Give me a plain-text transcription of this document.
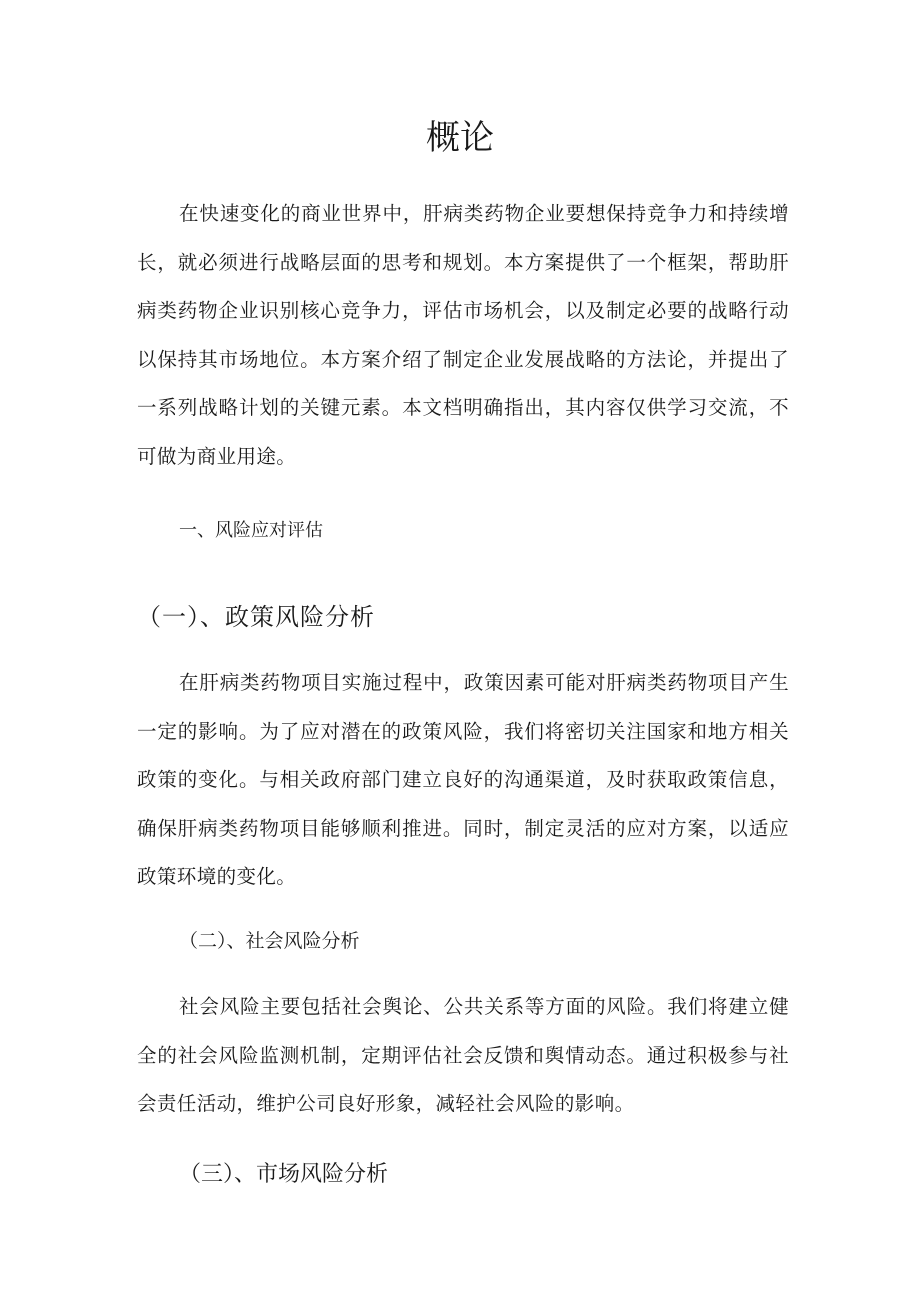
概论

在快速变化的商业世界中，肝病类药物企业要想保持竞争力和持续增长，就必须进行战略层面的思考和规划。本方案提供了一个框架，帮助肝病类药物企业识别核心竞争力，评估市场机会，以及制定必要的战略行动以保持其市场地位。本方案介绍了制定企业发展战略的方法论，并提出了一系列战略计划的关键元素。本文档明确指出，其内容仅供学习交流，不可做为商业用途。

一、风险应对评估
（一）、政策风险分析

在肝病类药物项目实施过程中，政策因素可能对肝病类药物项目产生一定的影响。为了应对潜在的政策风险，我们将密切关注国家和地方相关政策的变化。与相关政府部门建立良好的沟通渠道，及时获取政策信息，确保肝病类药物项目能够顺利推进。同时，制定灵活的应对方案，以适应政策环境的变化。

（二）、社会风险分析

社会风险主要包括社会舆论、公共关系等方面的风险。我们将建立健全的社会风险监测机制，定期评估社会反馈和舆情动态。通过积极参与社会责任活动，维护公司良好形象，减轻社会风险的影响。

（三）、市场风险分析
